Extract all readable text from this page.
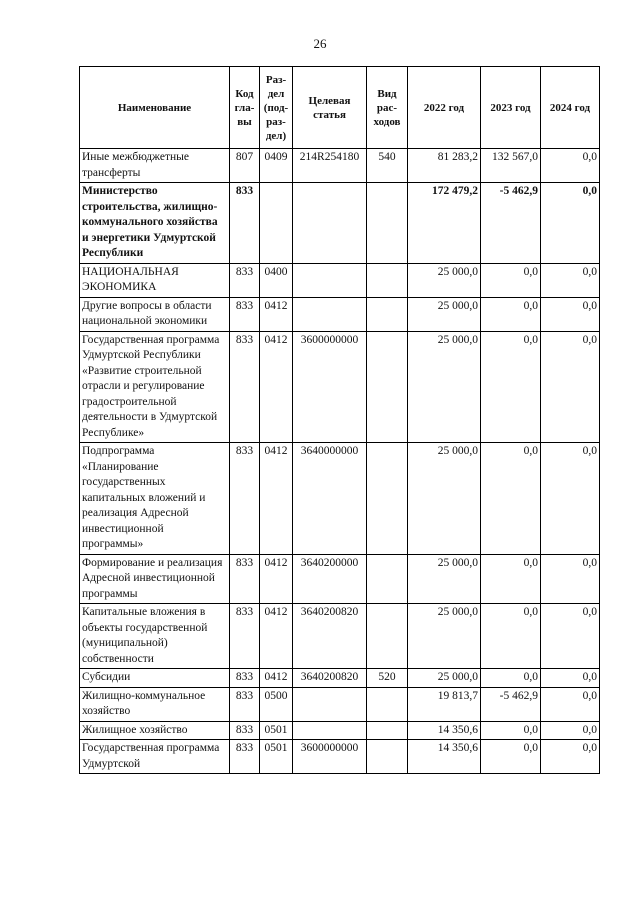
26
Наименование	Код гла-вы	Раз-дел (под-раз-дел)	Целевая статья	Вид рас-ходов	2022 год	2023 год	2024 год
Иные межбюджетные трансферты	807	0409	214R254180	540	81 283,2	132 567,0	0,0
Министерство строительства, жилищно-коммунального хозяйства и энергетики Удмуртской Республики	833				172 479,2	-5 462,9	0,0
НАЦИОНАЛЬНАЯ ЭКОНОМИКА	833	0400			25 000,0	0,0	0,0
Другие вопросы в области национальной экономики	833	0412			25 000,0	0,0	0,0
Государственная программа Удмуртской Республики «Развитие строительной отрасли и регулирование градостроительной деятельности в Удмуртской Республике»	833	0412	3600000000		25 000,0	0,0	0,0
Подпрограмма «Планирование государственных капитальных вложений и реализация Адресной инвестиционной программы»	833	0412	3640000000		25 000,0	0,0	0,0
Формирование и реализация Адресной инвестиционной программы	833	0412	3640200000		25 000,0	0,0	0,0
Капитальные вложения в объекты государственной (муниципальной) собственности	833	0412	3640200820		25 000,0	0,0	0,0
Субсидии	833	0412	3640200820	520	25 000,0	0,0	0,0
Жилищно-коммунальное хозяйство	833	0500			19 813,7	-5 462,9	0,0
Жилищное хозяйство	833	0501			14 350,6	0,0	0,0
Государственная программа Удмуртской	833	0501	3600000000		14 350,6	0,0	0,0
